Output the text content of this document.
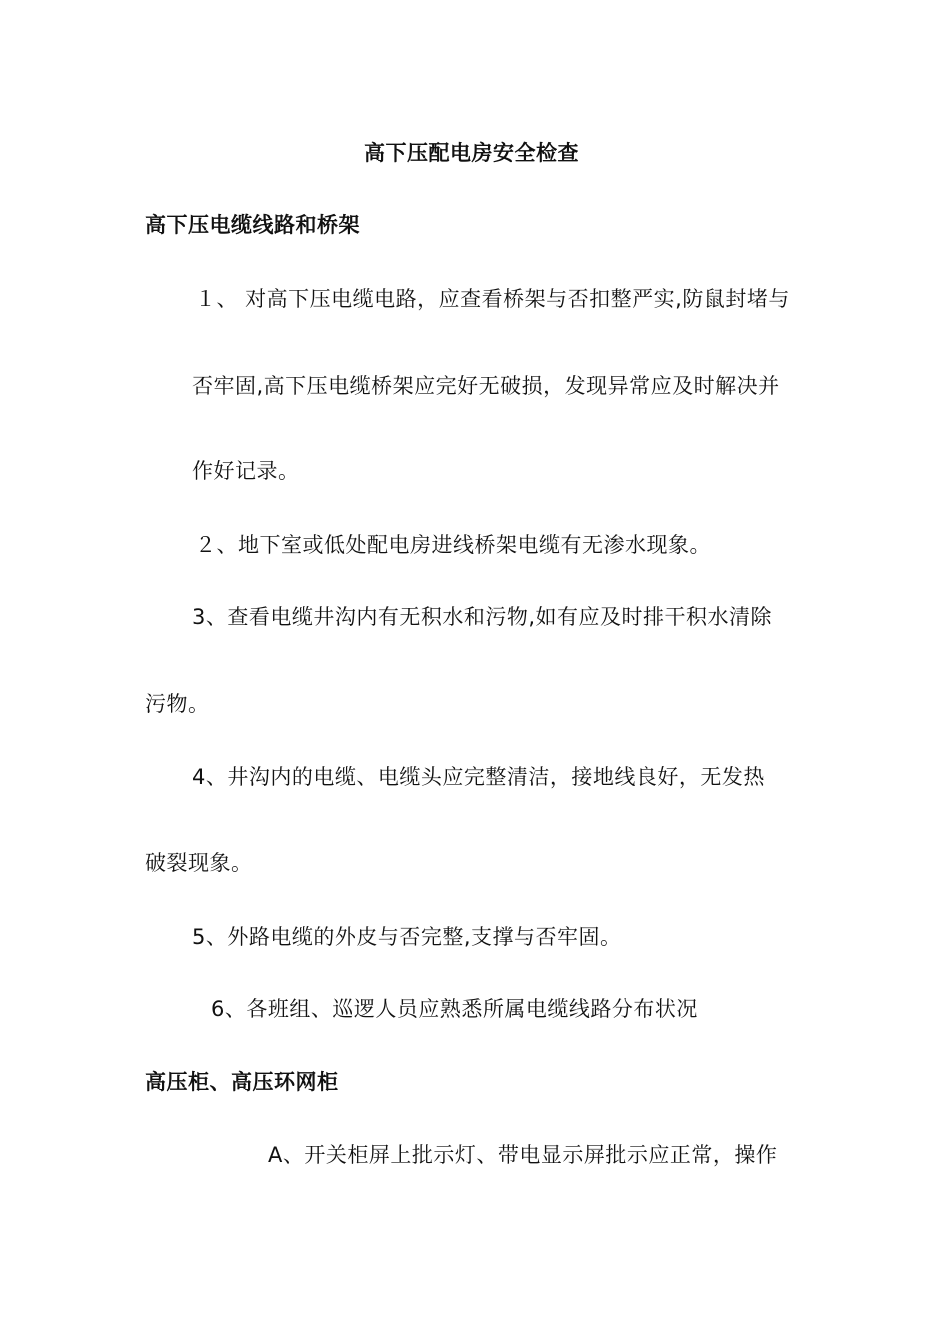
高下压配电房安全检查
高下压电缆线路和桥架
１、 对高下压电缆电路，应查看桥架与否扣整严实,防鼠封堵与
否牢固,高下压电缆桥架应完好无破损，发现异常应及时解决并
作好记录。
２、地下室或低处配电房进线桥架电缆有无渗水现象。
3、查看电缆井沟内有无积水和污物,如有应及时排干积水清除
污物。
4、井沟内的电缆、电缆头应完整清洁，接地线良好，无发热
破裂现象。
5、外路电缆的外皮与否完整,支撑与否牢固。
6、各班组、巡逻人员应熟悉所属电缆线路分布状况
高压柜、高压环网柜
A、开关柜屏上批示灯、带电显示屏批示应正常，操作
